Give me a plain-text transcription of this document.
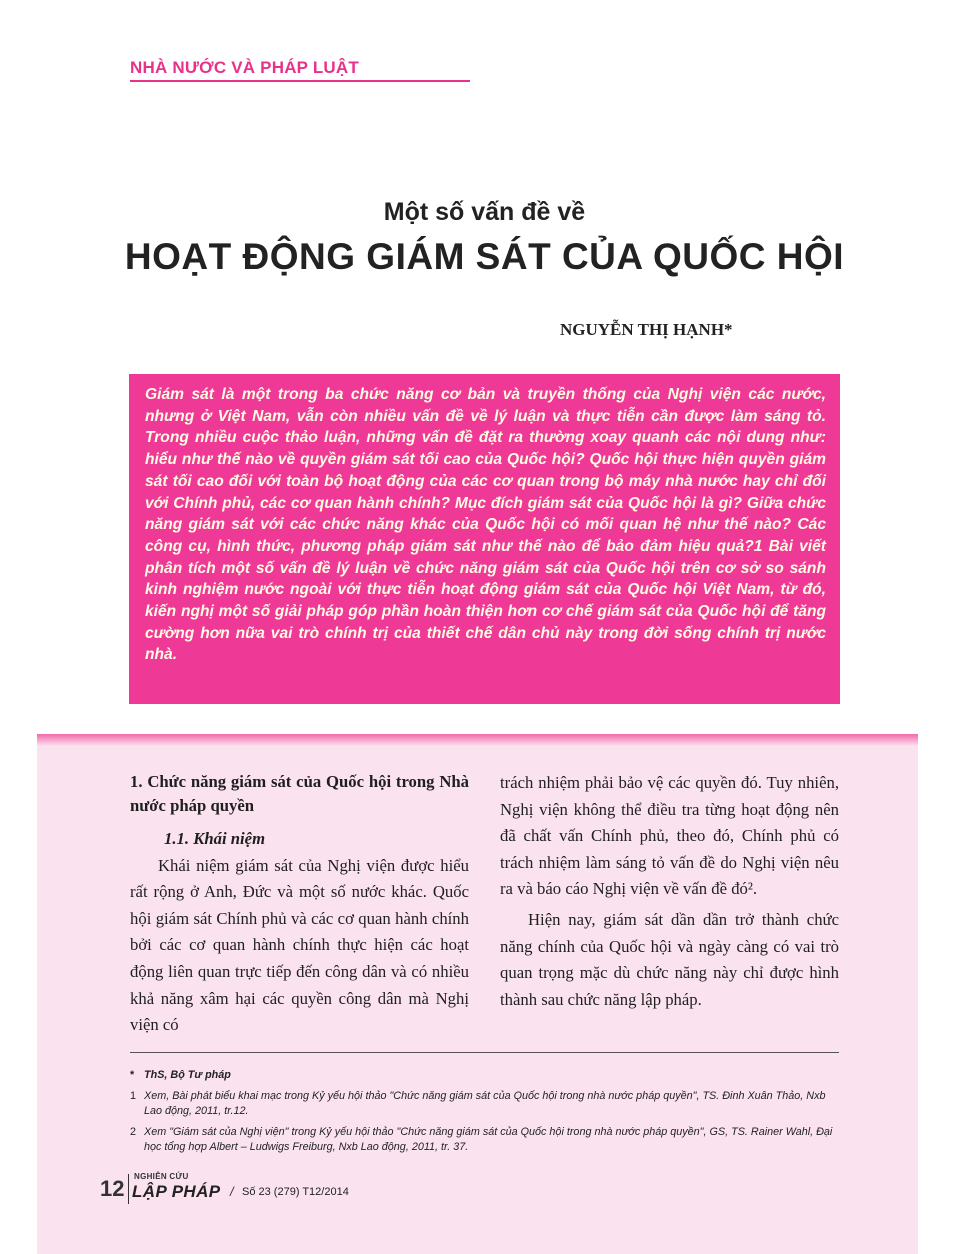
NHÀ NƯỚC VÀ PHÁP LUẬT
Một số vấn đề về
HOẠT ĐỘNG GIÁM SÁT CỦA QUỐC HỘI
NGUYỄN THỊ HẠNH*

Giám sát là một trong ba chức năng cơ bản và truyền thống của Nghị viện các nước, nhưng ở Việt Nam, vẫn còn nhiều vấn đề về lý luận và thực tiễn cần được làm sáng tỏ. Trong nhiều cuộc thảo luận, những vấn đề đặt ra thường xoay quanh các nội dung như: hiểu như thế nào về quyền giám sát tối cao của Quốc hội? Quốc hội thực hiện quyền giám sát tối cao đối với toàn bộ hoạt động của các cơ quan trong bộ máy nhà nước hay chỉ đối với Chính phủ, các cơ quan hành chính? Mục đích giám sát của Quốc hội là gì? Giữa chức năng giám sát với các chức năng khác của Quốc hội có mối quan hệ như thế nào? Các công cụ, hình thức, phương pháp giám sát như thế nào để bảo đảm hiệu quả?1 Bài viết phân tích một số vấn đề lý luận về chức năng giám sát của Quốc hội trên cơ sở so sánh kinh nghiệm nước ngoài với thực tiễn hoạt động giám sát của Quốc hội Việt Nam, từ đó, kiến nghị một số giải pháp góp phần hoàn thiện hơn cơ chế giám sát của Quốc hội để tăng cường hơn nữa vai trò chính trị của thiết chế dân chủ này trong đời sống chính trị nước nhà.

1. Chức năng giám sát của Quốc hội trong Nhà nước pháp quyền
1.1. Khái niệm

Khái niệm giám sát của Nghị viện được hiểu rất rộng ở Anh, Đức và một số nước khác. Quốc hội giám sát Chính phủ và các cơ quan hành chính bởi các cơ quan hành chính thực hiện các hoạt động liên quan trực tiếp đến công dân và có nhiều khả năng xâm hại các quyền công dân mà Nghị viện có

trách nhiệm phải bảo vệ các quyền đó. Tuy nhiên, Nghị viện không thể điều tra từng hoạt động nên đã chất vấn Chính phủ, theo đó, Chính phủ có trách nhiệm làm sáng tỏ vấn đề do Nghị viện nêu ra và báo cáo Nghị viện về vấn đề đó².

Hiện nay, giám sát dần dần trở thành chức năng chính của Quốc hội và ngày càng có vai trò quan trọng mặc dù chức năng này chỉ được hình thành sau chức năng lập pháp.

* ThS, Bộ Tư pháp
1 Xem, Bài phát biểu khai mạc trong Kỷ yếu hội thảo "Chức năng giám sát của Quốc hội trong nhà nước pháp quyền", TS. Đinh Xuân Thảo, Nxb Lao động, 2011, tr.12.
2 Xem "Giám sát của Nghị viện" trong Kỷ yếu hội thảo "Chức năng giám sát của Quốc hội trong nhà nước pháp quyền", GS, TS. Rainer Wahl, Đại học tổng hợp Albert – Ludwigs Freiburg, Nxb Lao động, 2011, tr. 37.
12 NGHIÊN CỨU
LẬP PHÁP / Số 23 (279) T12/2014
